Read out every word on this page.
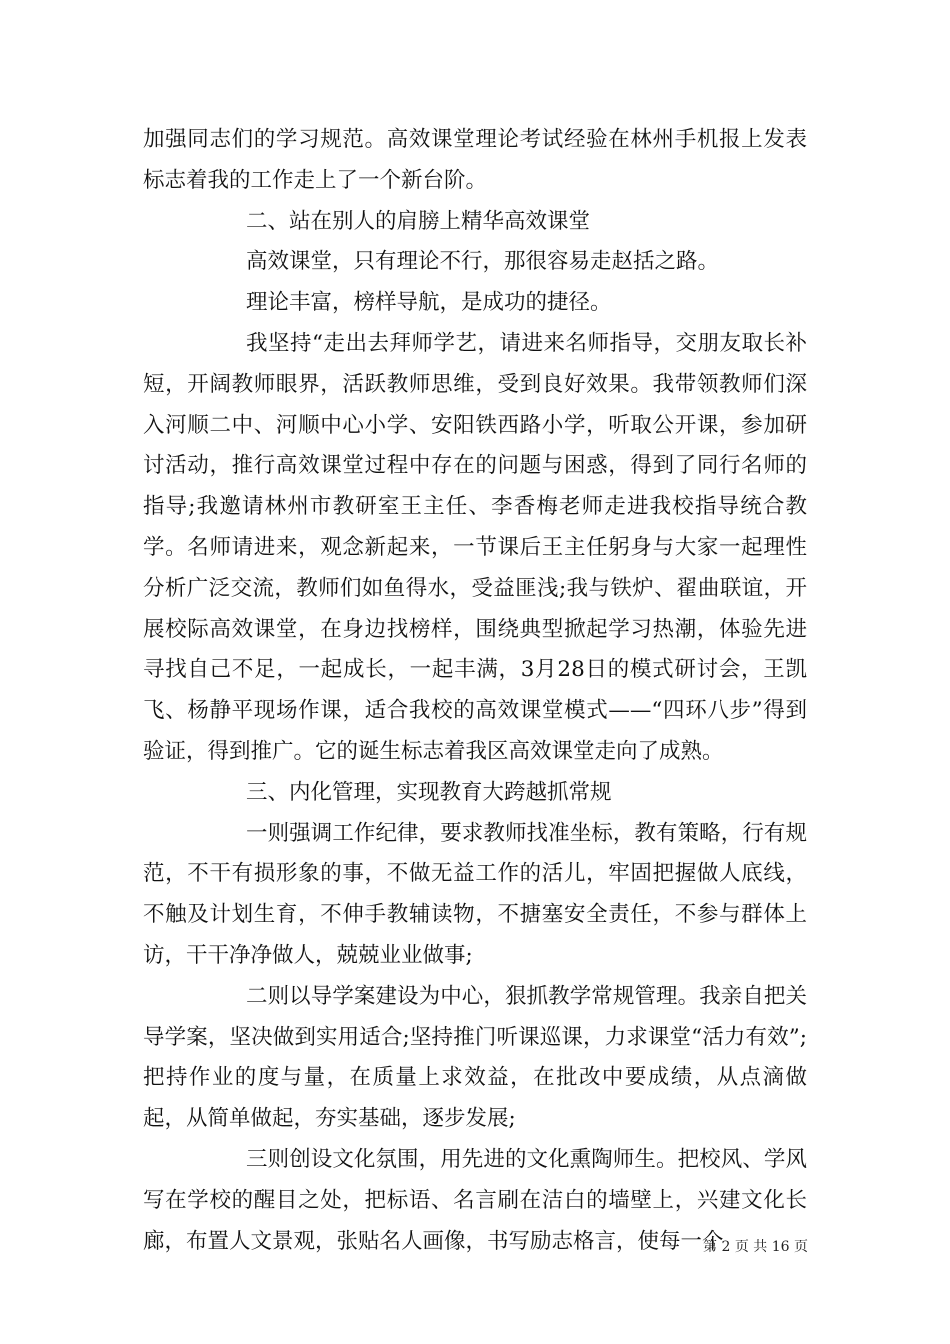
加强同志们的学习规范。高效课堂理论考试经验在林州手机报上发表标志着我的工作走上了一个新台阶。

二、站在别人的肩膀上精华高效课堂

高效课堂，只有理论不行，那很容易走赵括之路。

理论丰富，榜样导航，是成功的捷径。

我坚持“走出去拜师学艺，请进来名师指导，交朋友取长补短，开阔教师眼界，活跃教师思维，受到良好效果。我带领教师们深入河顺二中、河顺中心小学、安阳铁西路小学，听取公开课，参加研讨活动，推行高效课堂过程中存在的问题与困惑，得到了同行名师的指导;我邀请林州市教研室王主任、李香梅老师走进我校指导统合教学。名师请进来，观念新起来，一节课后王主任躬身与大家一起理性分析广泛交流，教师们如鱼得水，受益匪浅;我与铁炉、翟曲联谊，开展校际高效课堂，在身边找榜样，围绕典型掀起学习热潮，体验先进寻找自己不足，一起成长，一起丰满，3月28日的模式研讨会，王凯飞、杨静平现场作课，适合我校的高效课堂模式——“四环八步”得到验证，得到推广。它的诞生标志着我区高效课堂走向了成熟。

三、内化管理，实现教育大跨越抓常规

一则强调工作纪律，要求教师找准坐标，教有策略，行有规范，不干有损形象的事，不做无益工作的活儿，牢固把握做人底线，不触及计划生育，不伸手教辅读物，不搪塞安全责任，不参与群体上访，干干净净做人，兢兢业业做事;

二则以导学案建设为中心，狠抓教学常规管理。我亲自把关导学案，坚决做到实用适合;坚持推门听课巡课，力求课堂“活力有效”;把持作业的度与量，在质量上求效益，在批改中要成绩，从点滴做起，从简单做起，夯实基础，逐步发展;

三则创设文化氛围，用先进的文化熏陶师生。把校风、学风写在学校的醒目之处，把标语、名言刷在洁白的墙壁上，兴建文化长廊，布置人文景观，张贴名人画像，书写励志格言，使每一个

第 2 页 共 16 页
